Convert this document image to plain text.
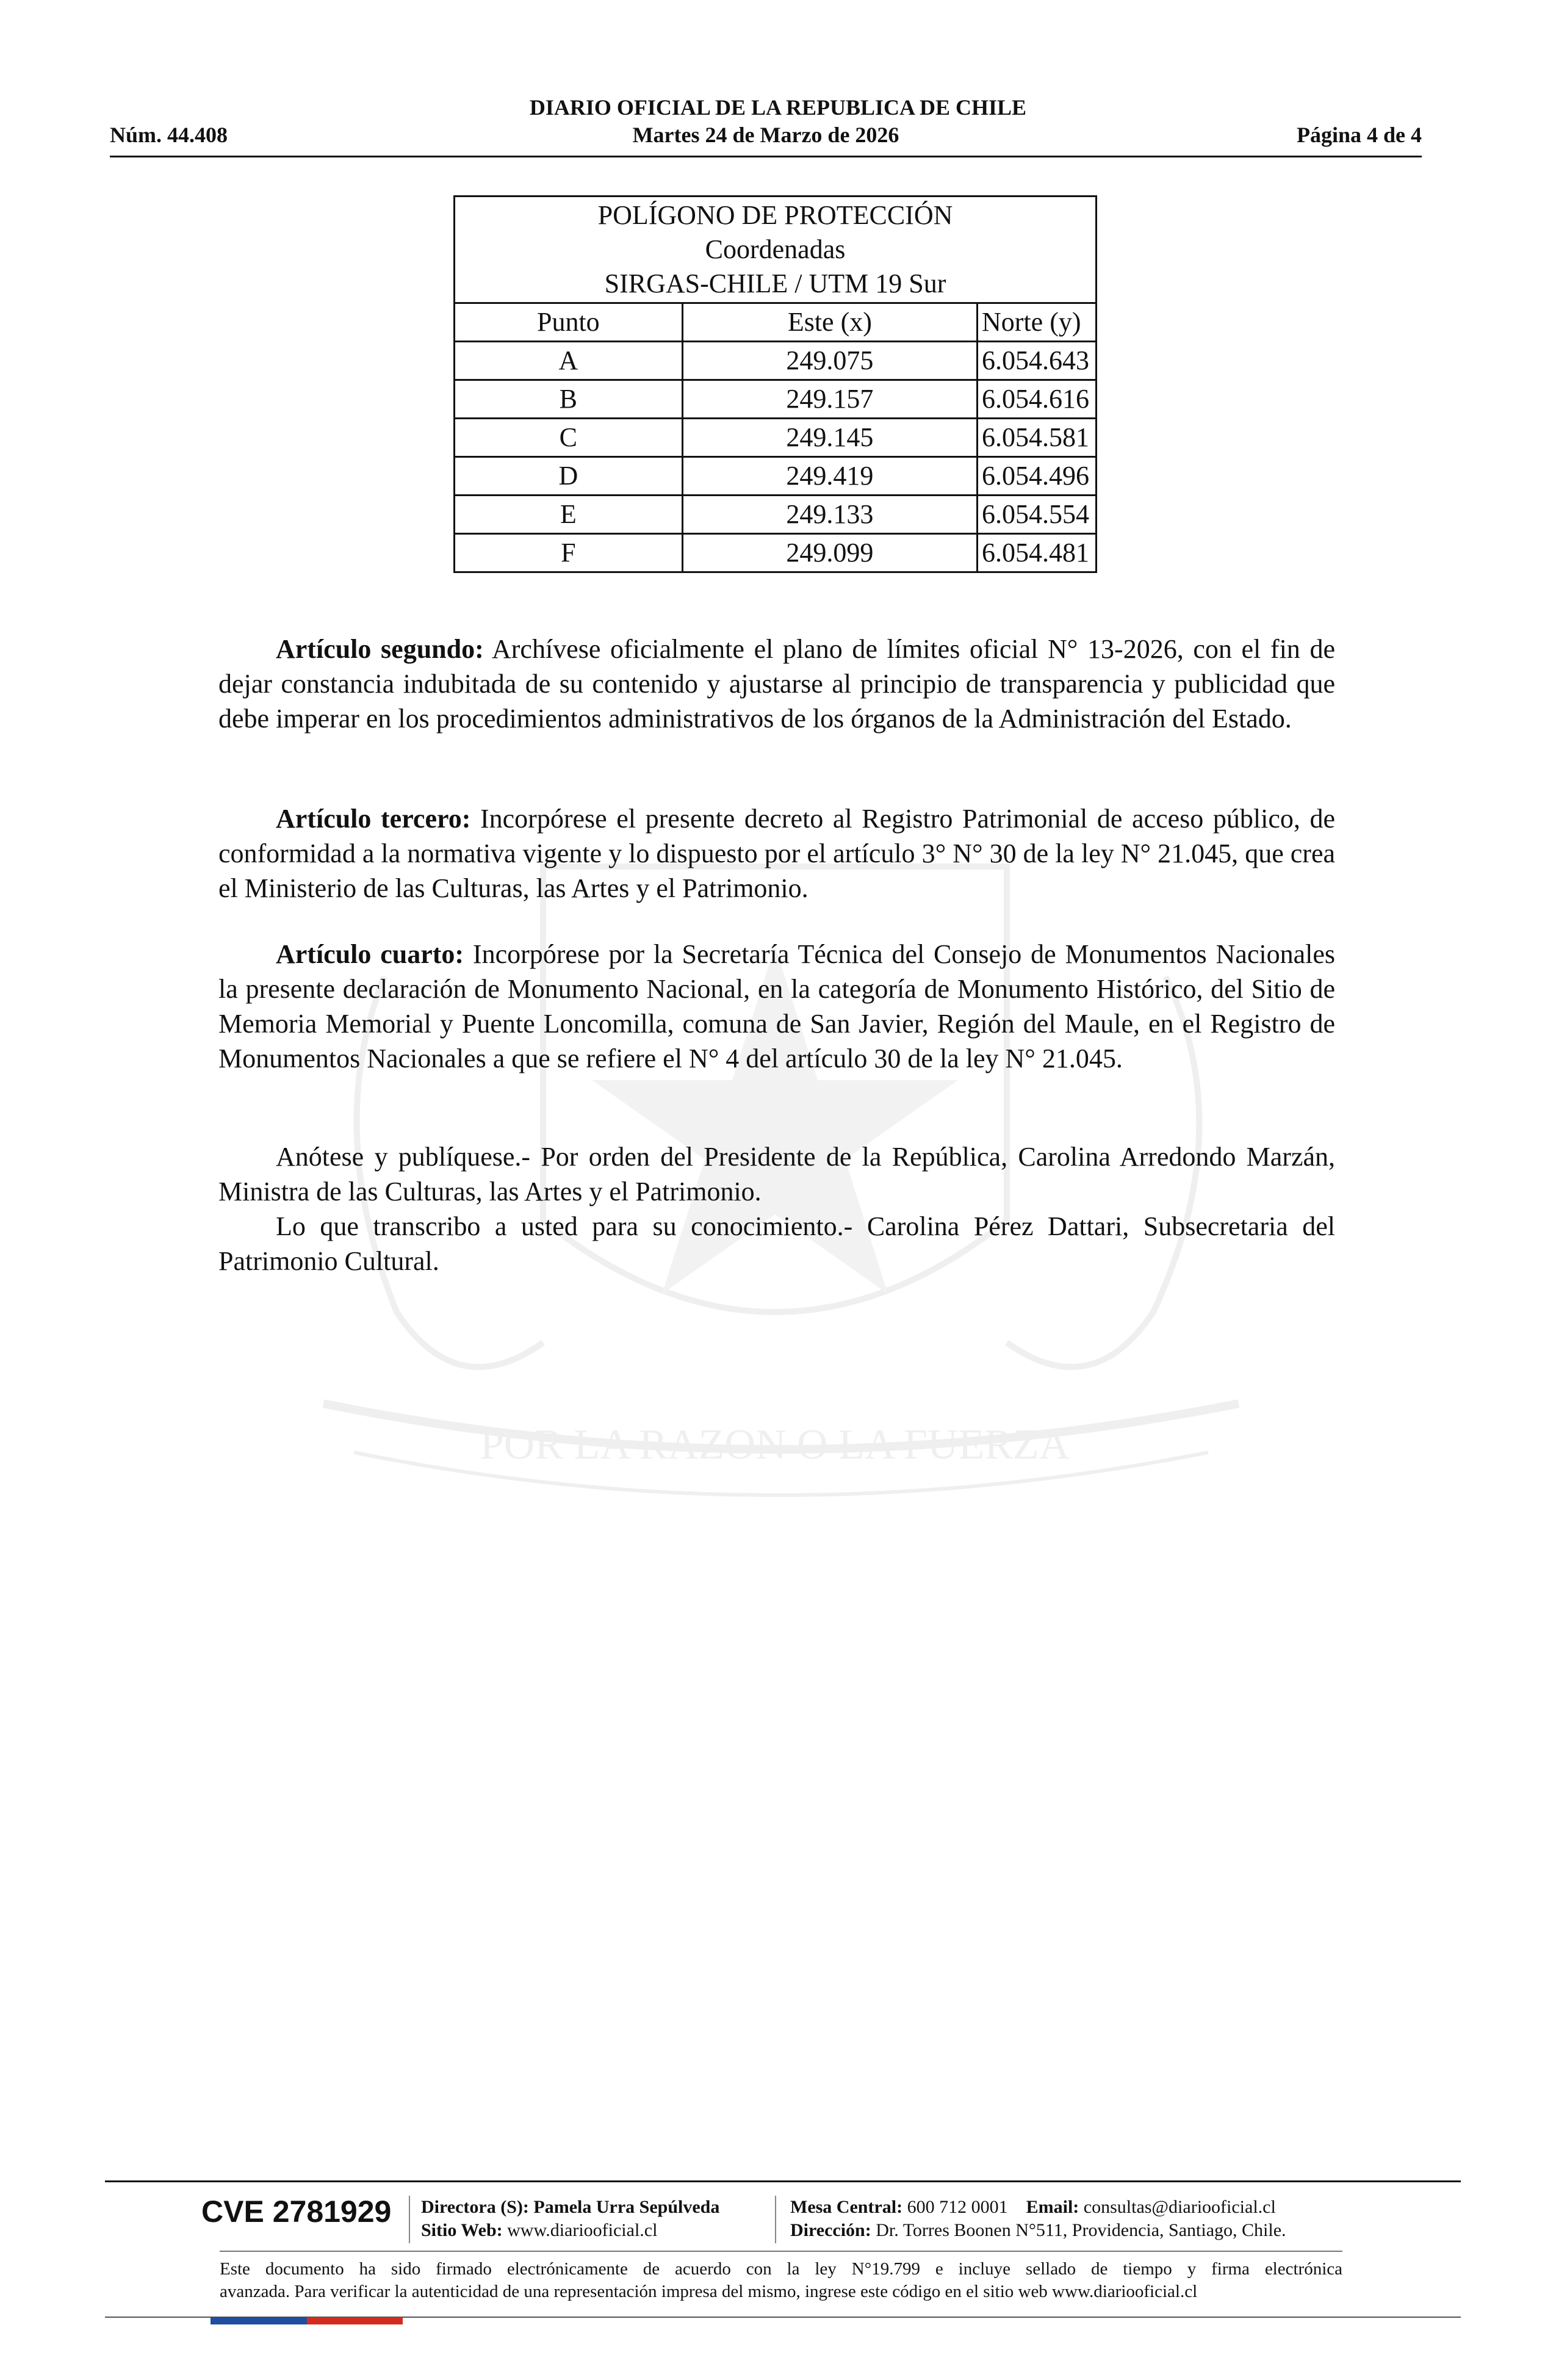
POR LA RAZON O LA FUERZA
DIARIO OFICIAL DE LA REPUBLICA DE CHILE
Núm. 44.408	Martes 24 de Marzo de 2026	Página 4 de 4
POLÍGONO DE PROTECCIÓN
Coordenadas
SIRGAS-CHILE / UTM 19 Sur		

Punto	Este (x)	Norte (y)
A	249.075	6.054.643
B	249.157	6.054.616
C	249.145	6.054.581
D	249.419	6.054.496
E	249.133	6.054.554
F	249.099	6.054.481

Artículo segundo: Archívese oficialmente el plano de límites oficial N° 13-2026, con el fin de dejar constancia indubitada de su contenido y ajustarse al principio de transparencia y publicidad que debe imperar en los procedimientos administrativos de los órganos de la Administración del Estado.

Artículo tercero: Incorpórese el presente decreto al Registro Patrimonial de acceso público, de conformidad a la normativa vigente y lo dispuesto por el artículo 3° N° 30 de la ley N° 21.045, que crea el Ministerio de las Culturas, las Artes y el Patrimonio.

Artículo cuarto: Incorpórese por la Secretaría Técnica del Consejo de Monumentos Nacionales la presente declaración de Monumento Nacional, en la categoría de Monumento Histórico, del Sitio de Memoria Memorial y Puente Loncomilla, comuna de San Javier, Región del Maule, en el Registro de Monumentos Nacionales a que se refiere el N° 4 del artículo 30 de la ley N° 21.045.

Anótese y publíquese.- Por orden del Presidente de la República, Carolina Arredondo Marzán, Ministra de las Culturas, las Artes y el Patrimonio.

Lo que transcribo a usted para su conocimiento.- Carolina Pérez Dattari, Subsecretaria del Patrimonio Cultural.

CVE 2781929 Directora (S): Pamela Urra Sepúlveda
Sitio Web: www.diariooficial.cl
Mesa Central: 600 712 0001 Email: consultas@diariooficial.cl
Dirección: Dr. Torres Boonen N°511, Providencia, Santiago, Chile.
Este documento ha sido firmado electrónicamente de acuerdo con la ley N°19.799 e incluye sellado de tiempo y firma electrónica
avanzada. Para verificar la autenticidad de una representación impresa del mismo, ingrese este código en el sitio web www.diariooficial.cl
